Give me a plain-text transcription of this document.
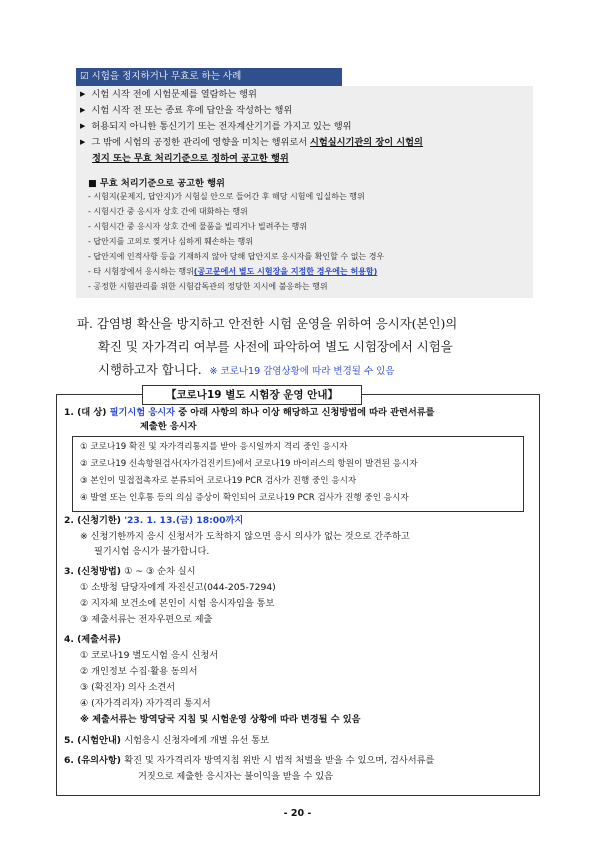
☑ 시험을 정지하거나 무효로 하는 사례
▶ 시험 시작 전에 시험문제를 열람하는 행위
▶ 시험 시작 전 또는 종료 후에 답안을 작성하는 행위
▶ 허용되지 아니한 통신기기 또는 전자계산기기를 가지고 있는 행위
▶ 그 밖에 시험의 공정한 관리에 영향을 미치는 행위로서 시험실시기관의 장이 시험의
정지 또는 무효 처리기준으로 정하여 공고한 행위
■ 무효 처리기준으로 공고한 행위
- 시험지(문제지, 답안지)가 시험실 안으로 들어간 후 해당 시험에 입실하는 행위
- 시험시간 중 응시자 상호 간에 대화하는 행위
- 시험시간 중 응시자 상호 간에 물품을 빌리거나 빌려주는 행위
- 답안지를 고의로 찢거나 심하게 훼손하는 행위
- 답안지에 인적사항 등을 기재하지 않아 당해 답안지로 응시자를 확인할 수 없는 경우
- 타 시험장에서 응시하는 행위(공고문에서 별도 시험장을 지정한 경우에는 허용함)
- 공정한 시험관리를 위한 시험감독관의 정당한 지시에 불응하는 행위
파. 감염병 확산을 방지하고 안전한 시험 운영을 위하여 응시자(본인)의
확진 및 자가격리 여부를 사전에 파악하여 별도 시험장에서 시험을
시행하고자 합니다. ※ 코로나19 감염상황에 따라 변경될 수 있음
【코로나19 별도 시험장 운영 안내】
1. (대 상) 필기시험 응시자 중 아래 사항의 하나 이상 해당하고 신청방법에 따라 관련서류를
제출한 응시자
① 코로나19 확진 및 자가격리통지를 받아 응시일까지 격리 중인 응시자
② 코로나19 신속항원검사(자가검진키트)에서 코로나19 바이러스의 항원이 발견된 응시자
③ 본인이 밀접접촉자로 분류되어 코로나19 PCR 검사가 진행 중인 응시자
④ 발열 또는 인후통 등의 의심 증상이 확인되어 코로나19 PCR 검사가 진행 중인 응시자
2. (신청기한) '23. 1. 13.(금) 18:00까지
※ 신청기한까지 응시 신청서가 도착하지 않으면 응시 의사가 없는 것으로 간주하고
필기시험 응시가 불가합니다.
3. (신청방법) ① ~ ③ 순차 실시
① 소방청 담당자에게 자진신고(044-205-7294)
② 지자체 보건소에 본인이 시험 응시자임을 통보
③ 제출서류는 전자우편으로 제출
4. (제출서류)
① 코로나19 별도시험 응시 신청서
② 개인정보 수집·활용 동의서
③ (확진자) 의사 소견서
④ (자가격리자) 자가격리 통지서
※ 제출서류는 방역당국 지침 및 시험운영 상황에 따라 변경될 수 있음
5. (시험안내) 시험응시 신청자에게 개별 유선 통보
6. (유의사항) 확진 및 자가격리자 방역지침 위반 시 법적 처벌을 받을 수 있으며, 검사서류를
거짓으로 제출한 응시자는 불이익을 받을 수 있음
- 20 -
